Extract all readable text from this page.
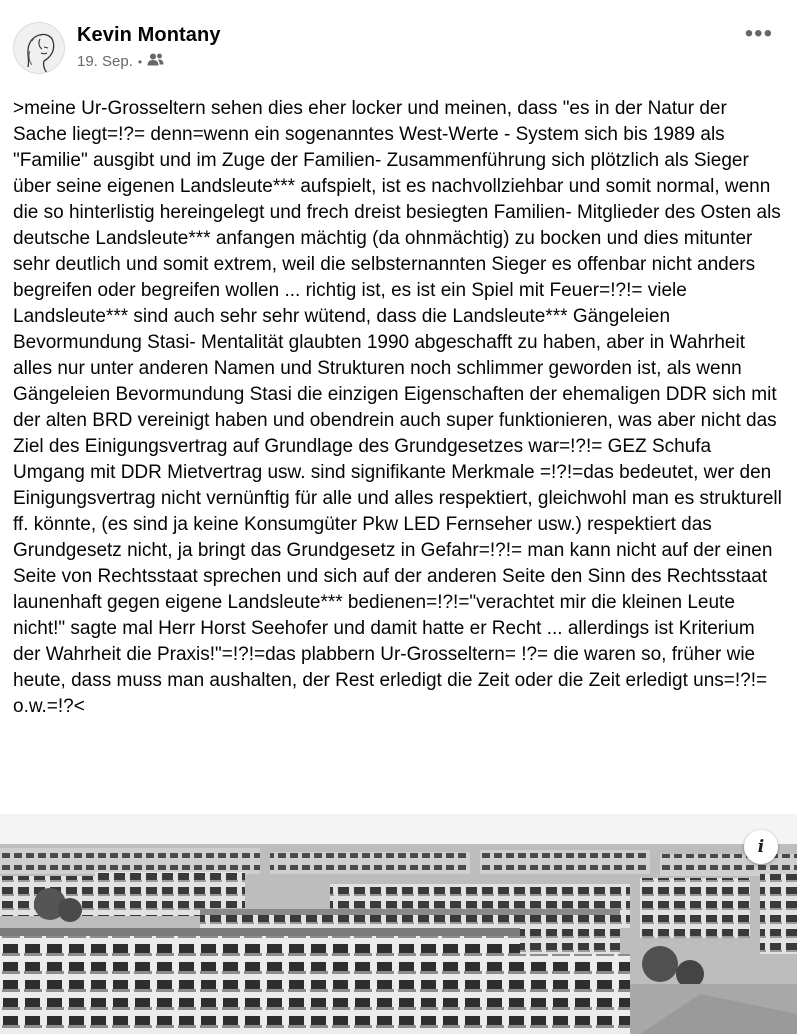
Kevin Montany
19. Sep. •
•••
>meine Ur-Grosseltern sehen dies eher locker und meinen, dass "es in der Natur der Sache liegt=!?= denn=wenn ein sogenanntes West-Werte - System sich bis 1989 als "Familie" ausgibt und im Zuge der Familien- Zusammenführung sich plötzlich als Sieger über seine eigenen Landsleute*** aufspielt, ist es nachvollziehbar und somit normal, wenn die so hinterlistig hereingelegt und frech dreist besiegten Familien- Mitglieder des Osten als deutsche Landsleute*** anfangen mächtig (da ohnmächtig) zu bocken und dies mitunter sehr deutlich und somit extrem, weil die selbsternannten Sieger es offenbar nicht anders begreifen oder begreifen wollen ... richtig ist, es ist ein Spiel mit Feuer=!?!= viele Landsleute*** sind auch sehr sehr wütend, dass die Landsleute*** Gängeleien Bevormundung Stasi- Mentalität glaubten 1990 abgeschafft zu haben, aber in Wahrheit alles nur unter anderen Namen und Strukturen noch schlimmer geworden ist, als wenn Gängeleien Bevormundung Stasi die einzigen Eigenschaften der ehemaligen DDR sich mit der alten BRD vereinigt haben und obendrein auch super funktionieren, was aber nicht das Ziel des Einigungsvertrag auf Grundlage des Grundgesetzes war=!?!= GEZ Schufa Umgang mit DDR Mietvertrag usw. sind signifikante Merkmale =!?!=das bedeutet, wer den Einigungsvertrag nicht vernünftig für alle und alles respektiert, gleichwohl man es strukturell ff. könnte, (es sind ja keine Konsumgüter Pkw LED Fernseher usw.) respektiert das Grundgesetz nicht, ja bringt das Grundgesetz in Gefahr=!?!= man kann nicht auf der einen Seite von Rechtsstaat sprechen und sich auf der anderen Seite den Sinn des Rechtsstaat launenhaft gegen eigene Landsleute*** bedienen=!?!="verachtet mir die kleinen Leute nicht!" sagte mal Herr Horst Seehofer und damit hatte er Recht ... allerdings ist Kriterium der Wahrheit die Praxis!"=!?!=das plabbern Ur-Grosseltern= !?= die waren so, früher wie heute, dass muss man aushalten, der Rest erledigt die Zeit oder die Zeit erledigt uns=!?!= o.w.=!?<
i
